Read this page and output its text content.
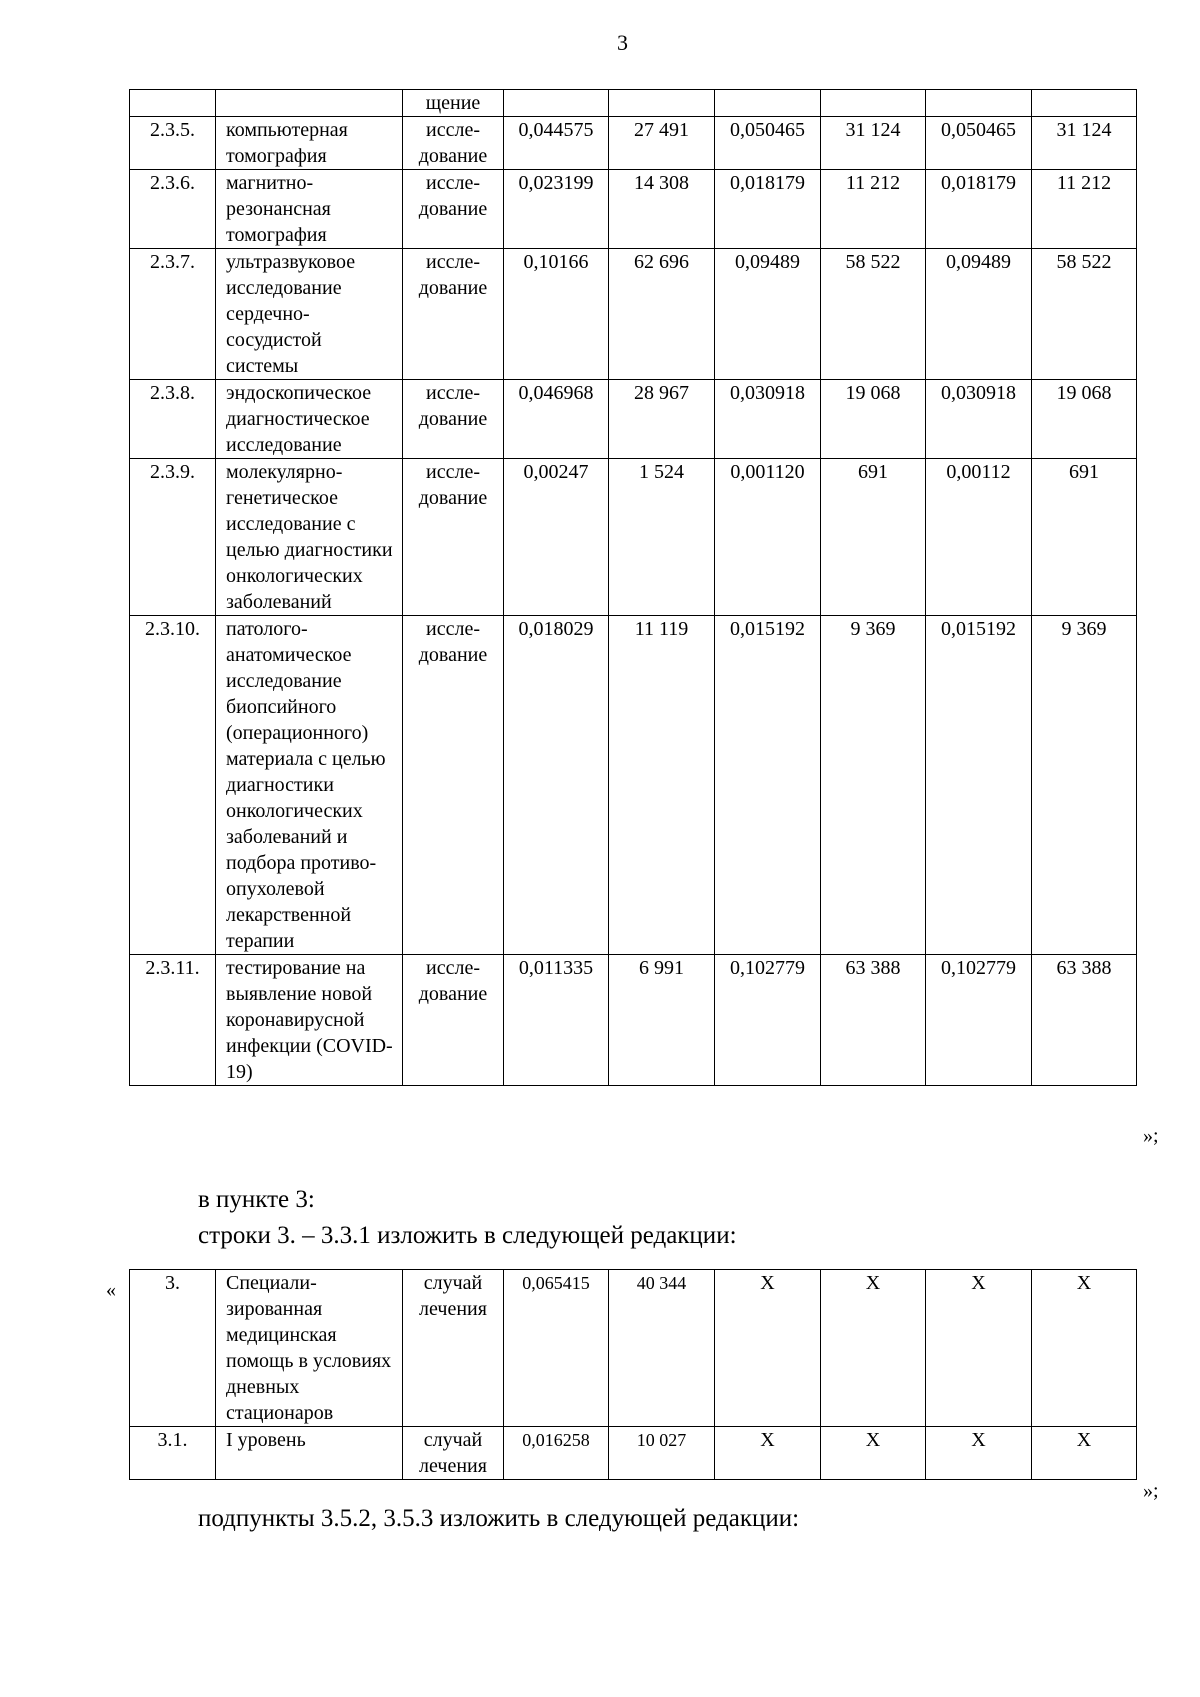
3
		щение						
2.3.5.	компьютерная томография	иссле-дование	0,044575	27 491	0,050465	31 124	0,050465	31 124
2.3.6.	магнитно-резонансная томография	иссле-дование	0,023199	14 308	0,018179	11 212	0,018179	11 212
2.3.7.	ультразвуковое исследование сердечно-сосудистой системы	иссле-дование	0,10166	62 696	0,09489	58 522	0,09489	58 522
2.3.8.	эндоскопическое диагностическое исследование	иссле-дование	0,046968	28 967	0,030918	19 068	0,030918	19 068
2.3.9.	молекулярно-генетическое исследование с целью диагностики онкологических заболеваний	иссле-дование	0,00247	1 524	0,001120	691	0,00112	691
2.3.10.	патолого-анатомическое исследование биопсийного (операционного) материала с целью диагностики онкологических заболеваний и подбора противо-опухолевой лекарственной терапии	иссле-дование	0,018029	11 119	0,015192	9 369	0,015192	9 369
2.3.11.	тестирование на выявление новой коронавирусной инфекции (COVID-19)	иссле-дование	0,011335	6 991	0,102779	63 388	0,102779	63 388
»;
в пункте 3:
строки 3. – 3.3.1 изложить в следующей редакции:
« 3.	Специали-зированная медицинская помощь в условиях дневных стационаров	случай лечения	0,065415	40 344	X	X	X	X
3.1.	I уровень	случай лечения	0,016258	10 027	X	X	X	X
»;
подпункты 3.5.2, 3.5.3 изложить в следующей редакции:
